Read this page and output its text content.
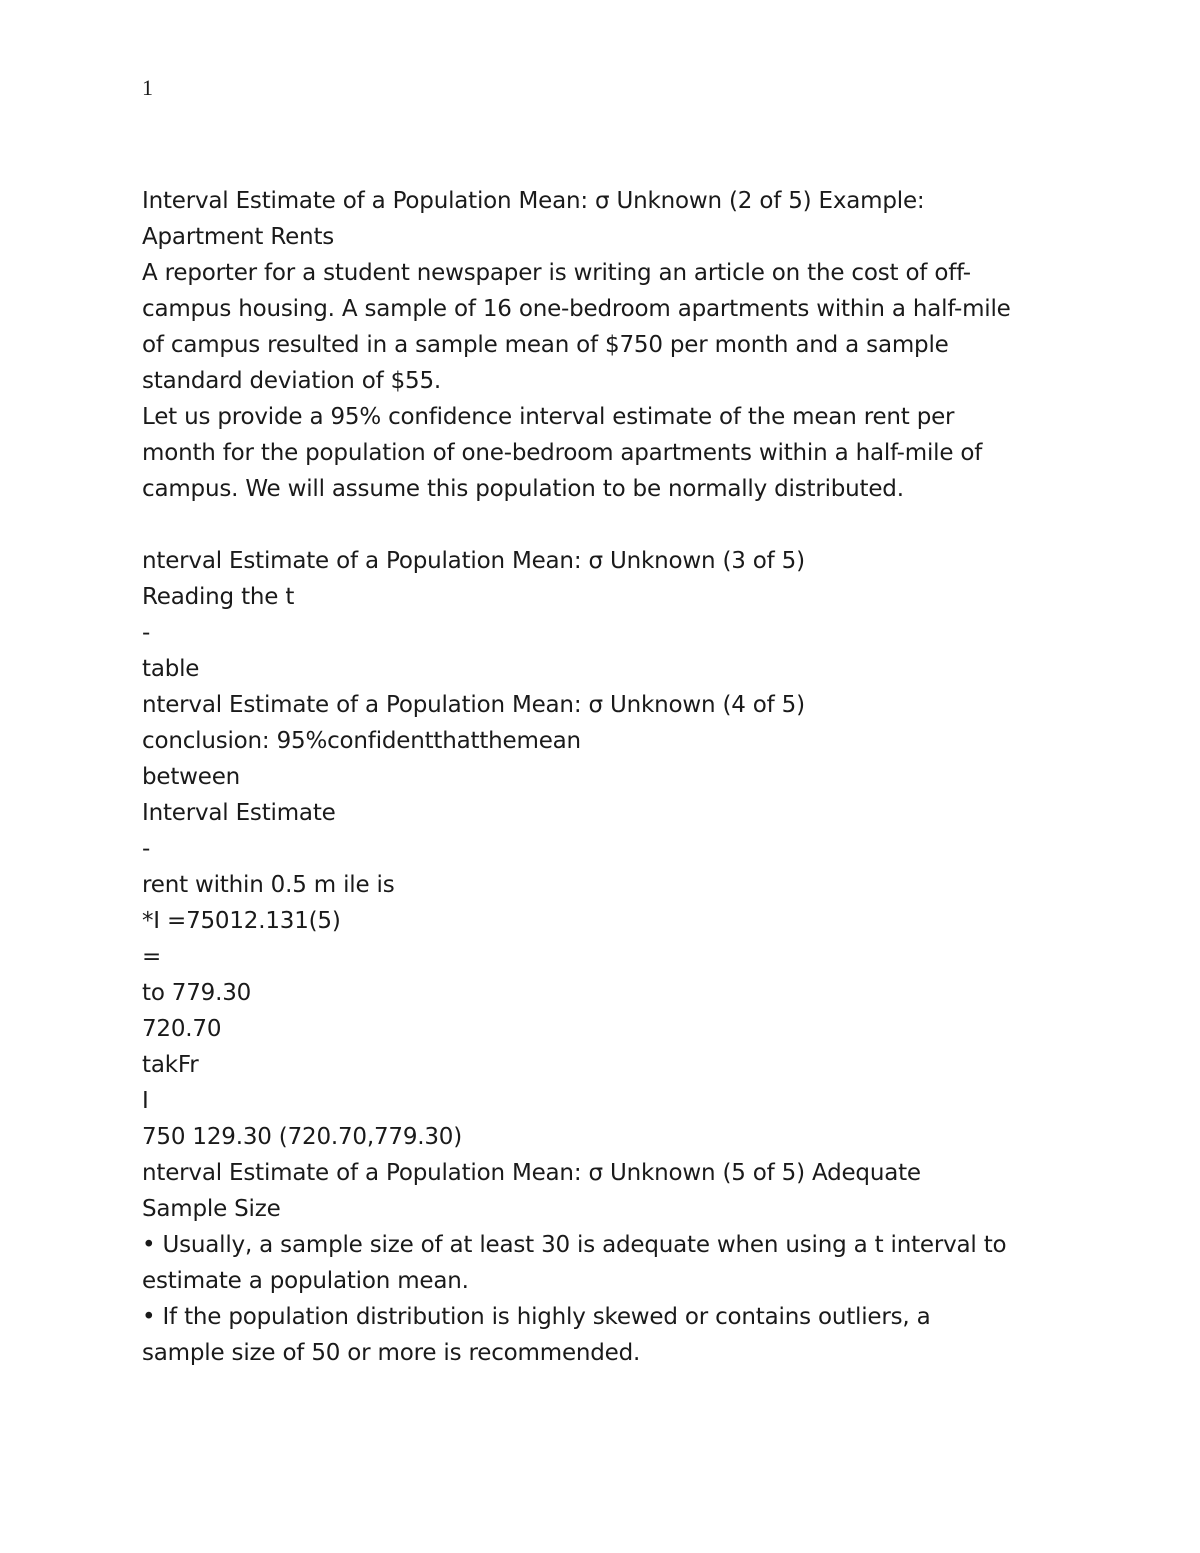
1
Interval Estimate of a Population Mean: σ Unknown (2 of 5) Example:
Apartment Rents
A reporter for a student newspaper is writing an article on the cost of off-
campus housing. A sample of 16 one-bedroom apartments within a half-mile
of campus resulted in a sample mean of $750 per month and a sample
standard deviation of $55.
Let us provide a 95% confidence interval estimate of the mean rent per
month for the population of one-bedroom apartments within a half-mile of
campus. We will assume this population to be normally distributed.
nterval Estimate of a Population Mean: σ Unknown (3 of 5)
Reading the t
-
table
nterval Estimate of a Population Mean: σ Unknown (4 of 5)
conclusion: 95%confidentthatthemean
between
Interval Estimate
-
rent within 0.5 m ile is
*I =75012.131(5)
=
to 779.30
720.70
takFr
I
750 129.30 (720.70,779.30)
nterval Estimate of a Population Mean: σ Unknown (5 of 5) Adequate
Sample Size
• Usually, a sample size of at least 30 is adequate when using a t interval to
estimate a population mean.
• If the population distribution is highly skewed or contains outliers, a
sample size of 50 or more is recommended.
